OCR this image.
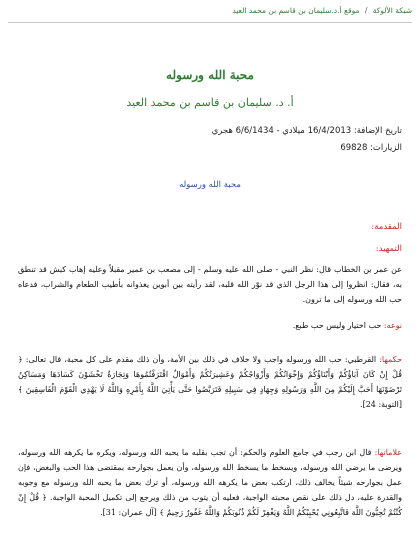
شبكة الألوكة / موقع أ.د.سليمان بن قاسم بن محمد العيد
محبة الله ورسوله
أ. د. سليمان بن قاسم بن محمد العيد
تاريخ الإضافة: 16/4/2013 ميلادي - 6/6/1434 هجري
الزيارات: 69828
محبة الله ورسوله
المقدمة:
التمهيد:
عن عمر بن الخطاب قال: نظر النبي - صلى الله عليه وسلم - إلى مصعب بن عمير مقبلاً وعليه إهاب كبش قد تنطق به، فقال: انظروا إلى هذا الرجل الذي قد نوّر الله قلبه، لقد رأيته بين أبوين يغذوانه بأطيب الطعام والشراب، فدعاه حب الله ورسوله إلى ما ترون.
نوعه: حب اختيار وليس حب طبع.
حكمها: القرطبي: حب الله ورسوله واجب ولا خلاف في ذلك بين الأمة، وأن ذلك مقدم على كل محبة، قال تعالى: ﴿ قُلْ إِنْ كَانَ آبَاؤُكُمْ وَأَبْنَاؤُكُمْ وَإِخْوَانُكُمْ وَأَزْوَاجُكُمْ وَعَشِيرَتُكُمْ وَأَمْوَالٌ اقْتَرَفْتُمُوهَا وَتِجَارَةٌ تَخْشَوْنَ كَسَادَهَا وَمَسَاكِنُ تَرْضَوْنَهَا أَحَبَّ إِلَيْكُمْ مِنَ اللَّهِ وَرَسُولِهِ وَجِهَادٍ فِي سَبِيلِهِ فَتَرَبَّصُوا حَتَّى يَأْتِيَ اللَّهُ بِأَمْرِهِ وَاللَّهُ لَا يَهْدِي الْقَوْمَ الْفَاسِقِينَ ﴾ [التوبة: 24].
علاماتها: قال ابن رجب في جامع العلوم والحكم: أن تجب بقلبه ما يحبه الله ورسوله، ويكره ما يكرهه الله ورسوله، ويرضى ما يرضي الله ورسوله، ويسخط ما يسخط الله ورسوله، وأن يعمل بجوارحه بمقتضى هذا الحب والبغض، فإن عمل بجوارحه شيئاً يخالف ذلك، ارتكب بعض ما يكرهه الله ورسوله، أو ترك بعض ما يحبه الله ورسوله مع وجوبه والقدرة عليه، دل ذلك على نقص محبته الواجبة، فعليه أن يتوب من ذلك ويرجع إلى تكميل المحبة الواجبة. ﴿ قُلْ إِنْ كُنْتُمْ تُحِبُّونَ اللَّهَ فَاتَّبِعُونِي يُحْبِبْكُمُ اللَّهُ وَيَغْفِرْ لَكُمْ ذُنُوبَكُمْ وَاللَّهُ غَفُورٌ رَحِيمٌ ﴾ [آل عمران: 31].
